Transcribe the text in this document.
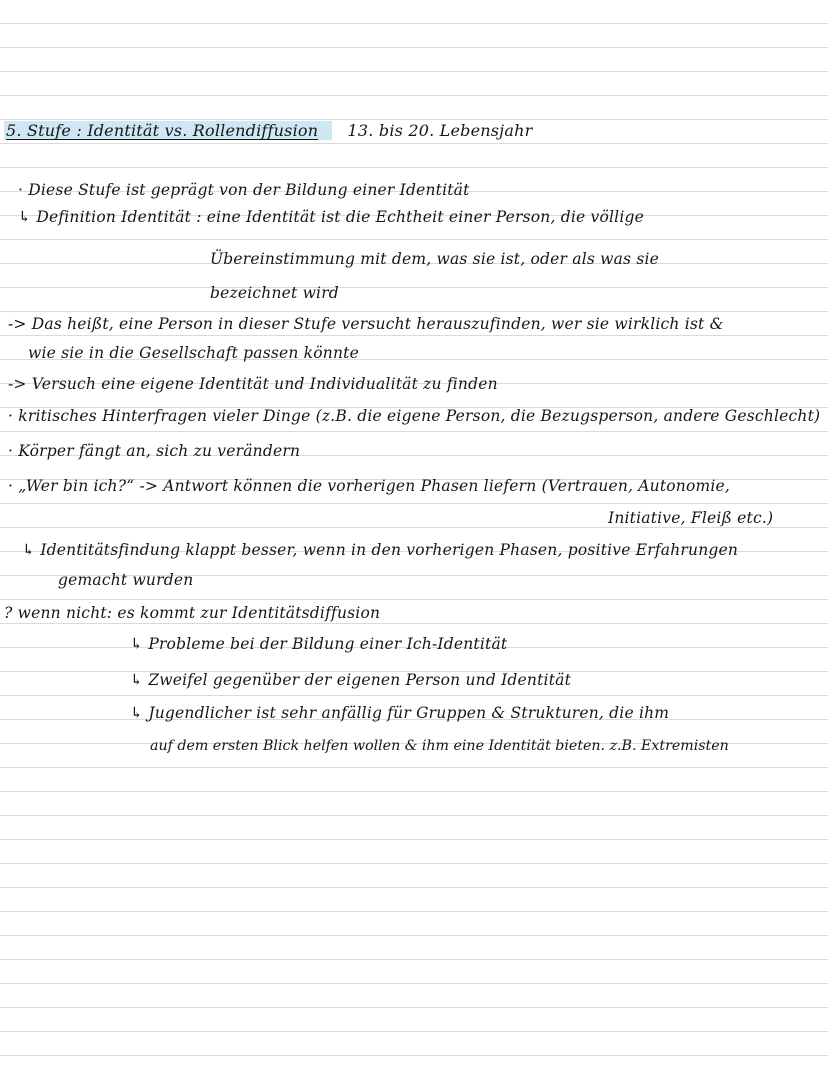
5. Stufe : Identität vs. Rollendiffusion 13. bis 20. Lebensjahr
· Diese Stufe ist geprägt von der Bildung einer Identität
↳ Definition Identität : eine Identität ist die Echtheit einer Person, die völlige
Übereinstimmung mit dem, was sie ist, oder als was sie
bezeichnet wird
-> Das heißt, eine Person in dieser Stufe versucht herauszufinden, wer sie wirklich ist &
wie sie in die Gesellschaft passen könnte
-> Versuch eine eigene Identität und Individualität zu finden
· kritisches Hinterfragen vieler Dinge (z.B. die eigene Person, die Bezugsperson, andere Geschlecht)
· Körper fängt an, sich zu verändern
· „Wer bin ich?“ -> Antwort können die vorherigen Phasen liefern (Vertrauen, Autonomie,
Initiative, Fleiß etc.)
↳ Identitätsfindung klappt besser, wenn in den vorherigen Phasen, positive Erfahrungen
gemacht wurden
? wenn nicht: es kommt zur Identitätsdiffusion
↳ Probleme bei der Bildung einer Ich-Identität
↳ Zweifel gegenüber der eigenen Person und Identität
↳ Jugendlicher ist sehr anfällig für Gruppen & Strukturen, die ihm
auf dem ersten Blick helfen wollen & ihm eine Identität bieten. z.B. Extremisten
